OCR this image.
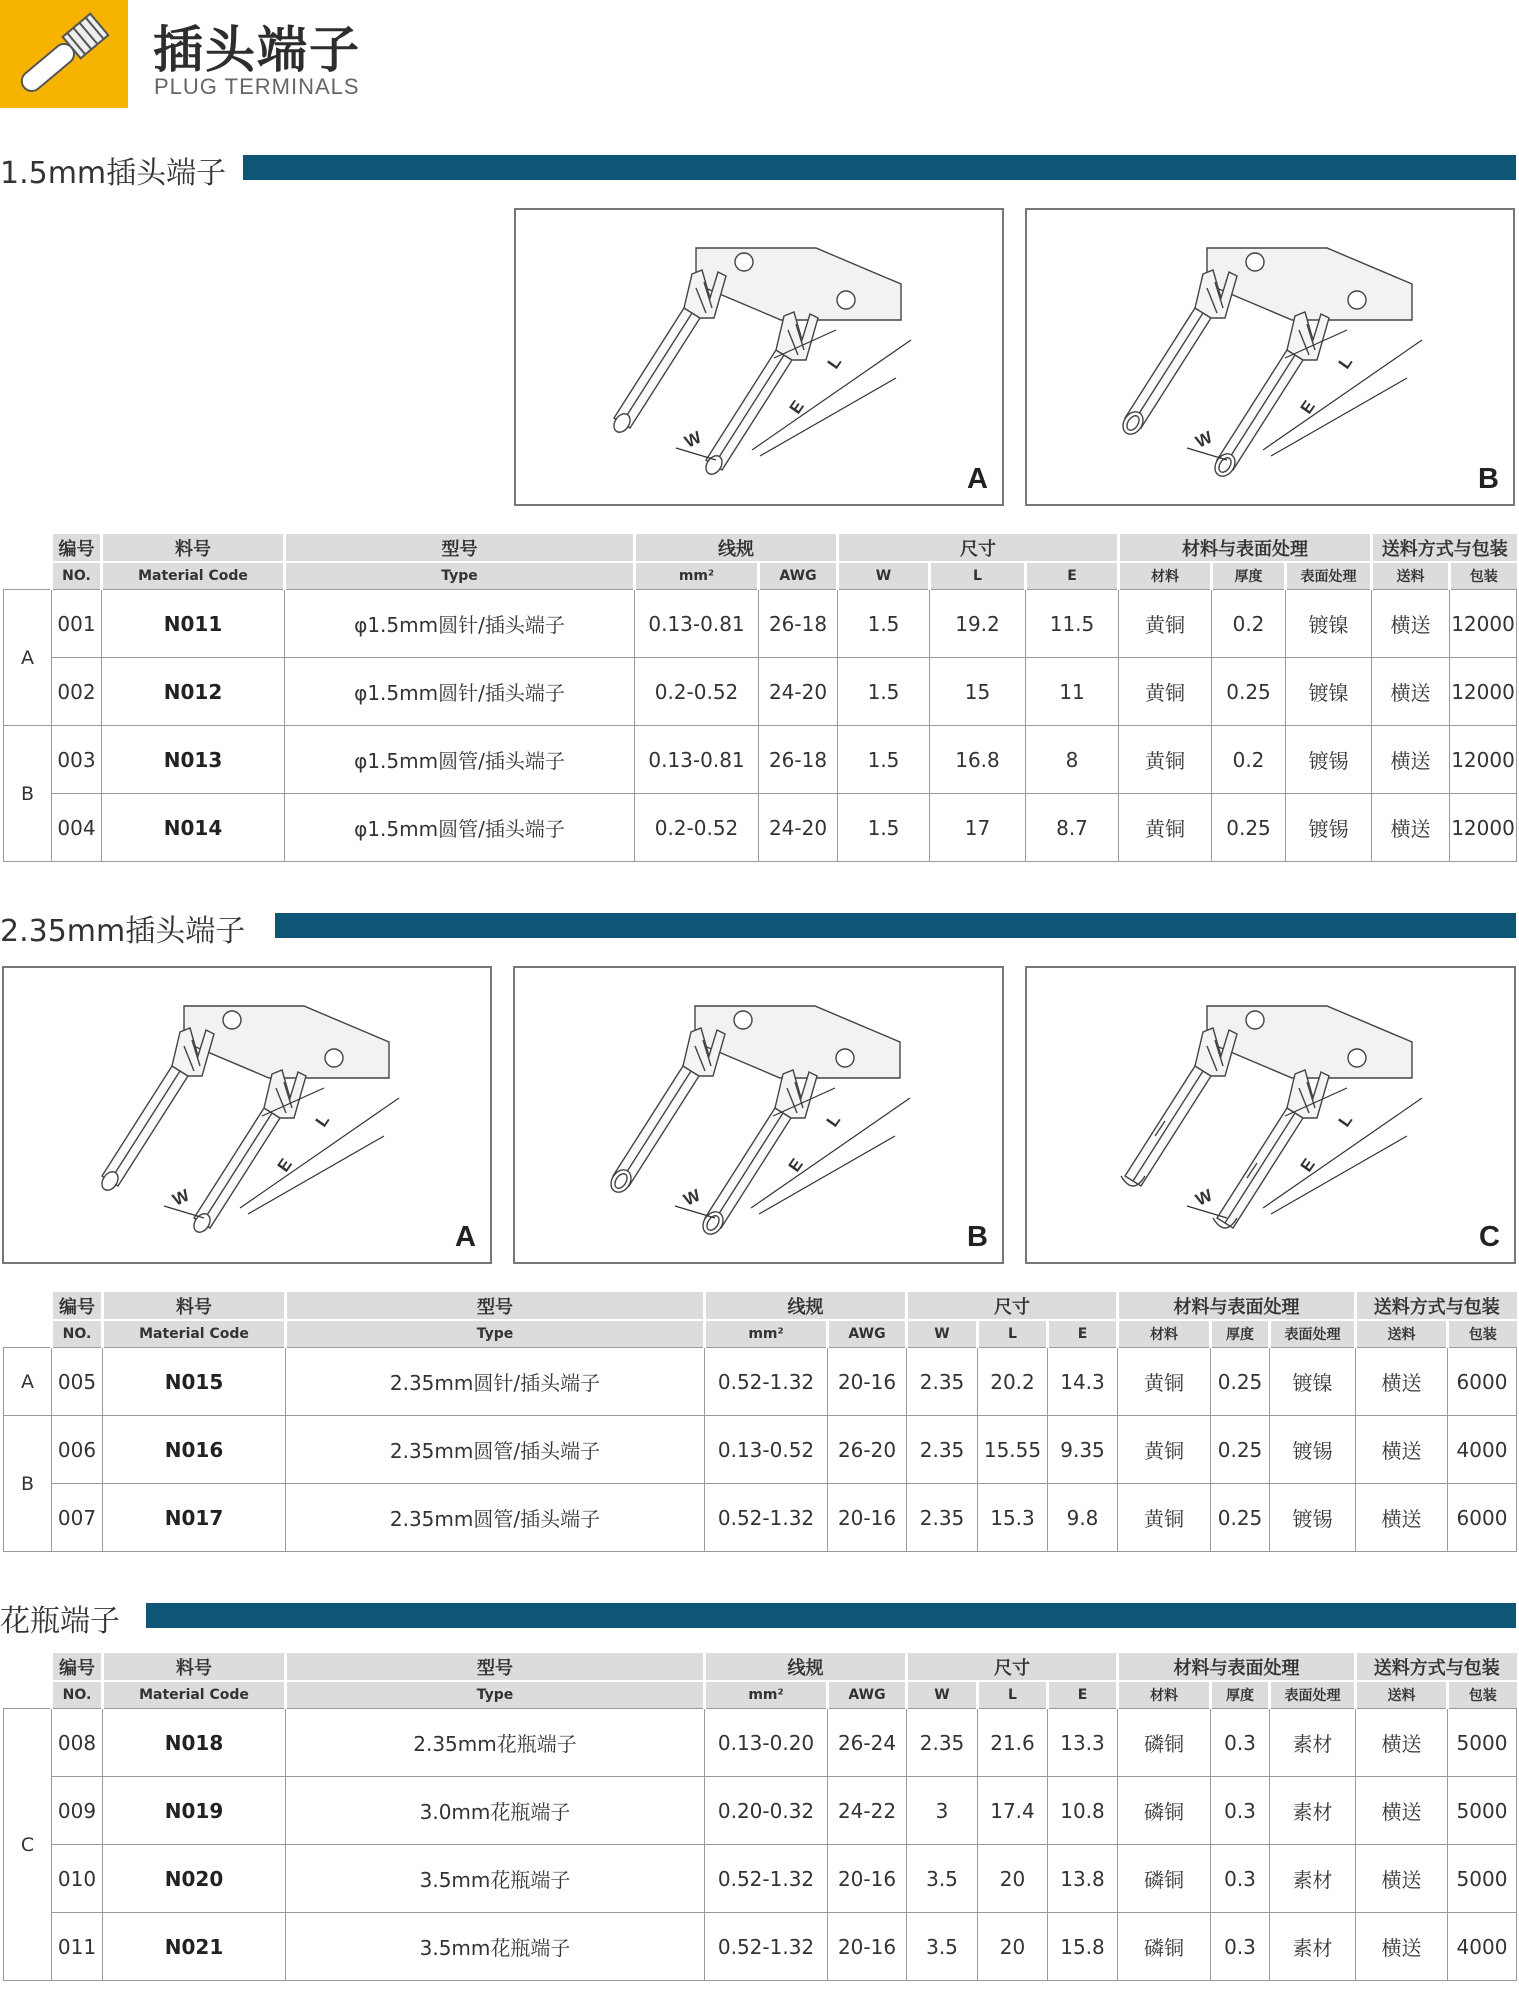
插头端子
PLUG TERMINALS
1.5mm插头端子
L
E
W
A
L
E
W
B
	编号	料号	型号	线规		尺寸			材料与表面处理			送料方式与包装	
	NO.	Material Code	Type	mm²	AWG	W	L	E	材料	厚度	表面处理	送料	包装
A	001	N011	φ1.5mm圆针/插头端子	0.13-0.81	26-18	1.5	19.2	11.5	黄铜	0.2	镀镍	横送	12000
	002	N012	φ1.5mm圆针/插头端子	0.2-0.52	24-20	1.5	15	11	黄铜	0.25	镀镍	横送	12000
B	003	N013	φ1.5mm圆管/插头端子	0.13-0.81	26-18	1.5	16.8	8	黄铜	0.2	镀锡	横送	12000
	004	N014	φ1.5mm圆管/插头端子	0.2-0.52	24-20	1.5	17	8.7	黄铜	0.25	镀锡	横送	12000
2.35mm插头端子
L
E
W
A
L
E
W
B
L
E
W
C
	编号	料号	型号	线规		尺寸			材料与表面处理			送料方式与包装	
	NO.	Material Code	Type	mm²	AWG	W	L	E	材料	厚度	表面处理	送料	包装
A	005	N015	2.35mm圆针/插头端子	0.52-1.32	20-16	2.35	20.2	14.3	黄铜	0.25	镀镍	横送	6000
B	006	N016	2.35mm圆管/插头端子	0.13-0.52	26-20	2.35	15.55	9.35	黄铜	0.25	镀锡	横送	4000
	007	N017	2.35mm圆管/插头端子	0.52-1.32	20-16	2.35	15.3	9.8	黄铜	0.25	镀锡	横送	6000
花瓶端子
	编号	料号	型号	线规		尺寸			材料与表面处理			送料方式与包装	
	NO.	Material Code	Type	mm²	AWG	W	L	E	材料	厚度	表面处理	送料	包装
C	008	N018	2.35mm花瓶端子	0.13-0.20	26-24	2.35	21.6	13.3	磷铜	0.3	素材	横送	5000
	009	N019	3.0mm花瓶端子	0.20-0.32	24-22	3	17.4	10.8	磷铜	0.3	素材	横送	5000
	010	N020	3.5mm花瓶端子	0.52-1.32	20-16	3.5	20	13.8	磷铜	0.3	素材	横送	5000
	011	N021	3.5mm花瓶端子	0.52-1.32	20-16	3.5	20	15.8	磷铜	0.3	素材	横送	4000
